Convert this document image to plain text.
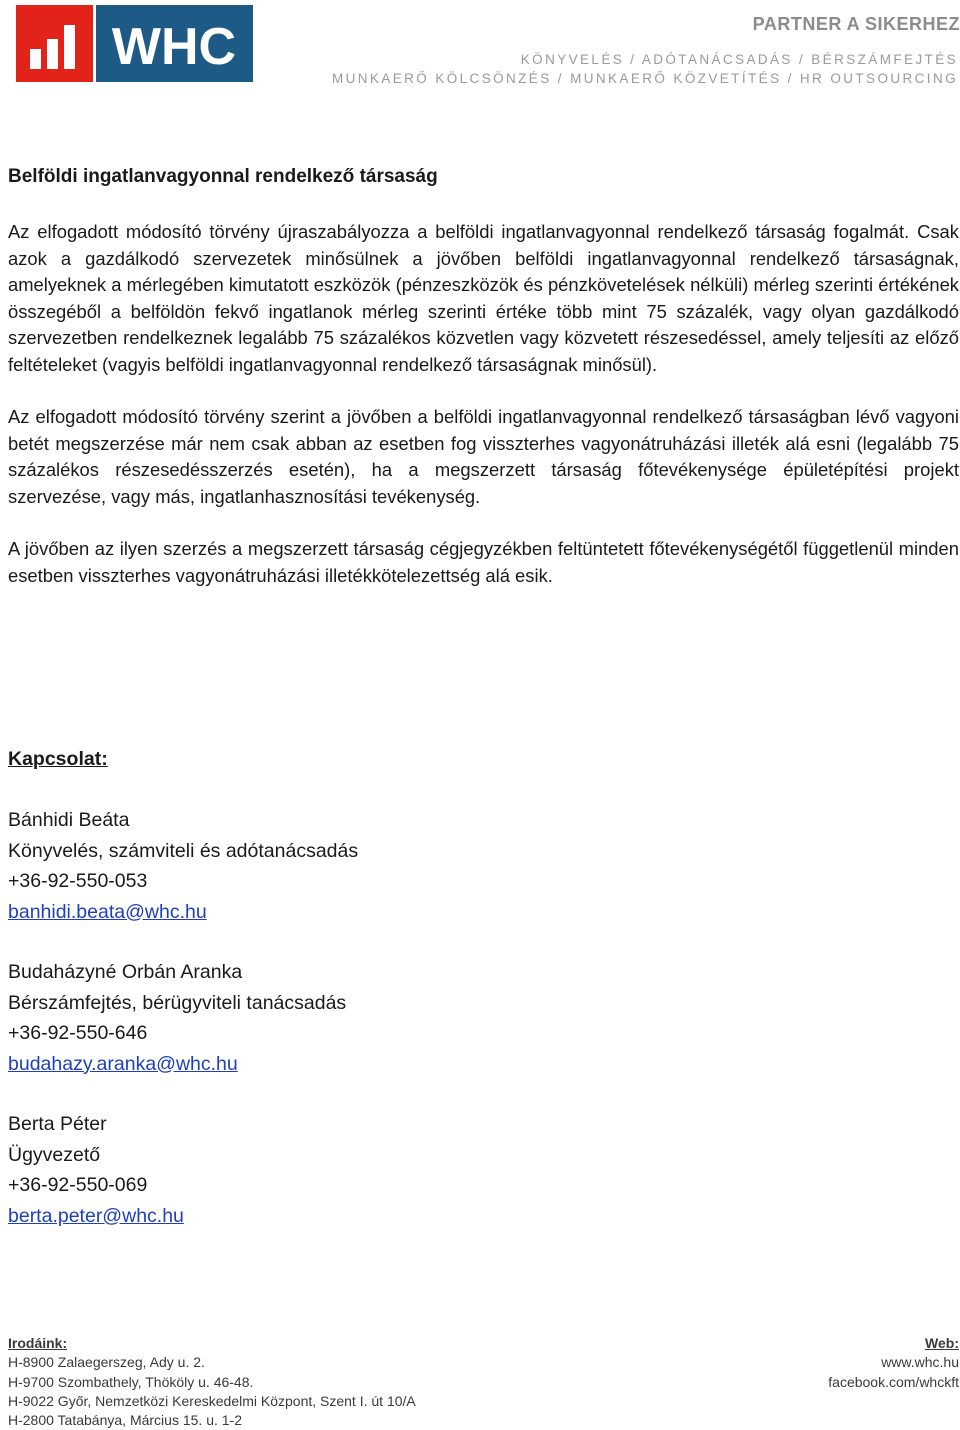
WHC	PARTNER A SIKERHEZ
KÖNYVELÉS / ADÓTANÁCSADÁS / BÉRSZÁMFEJTÉS
MUNKAERŐ KÖLCSÖNZÉS / MUNKAERŐ KÖZVETÍTÉS / HR OUTSOURCING
Belföldi ingatlanvagyonnal rendelkező társaság

Az elfogadott módosító törvény újraszabályozza a belföldi ingatlanvagyonnal rendelkező társaság fogalmát. Csak azok a gazdálkodó szervezetek minősülnek a jövőben belföldi ingatlanvagyonnal rendelkező társaságnak, amelyeknek a mérlegében kimutatott eszközök (pénzeszközök és pénzkövetelések nélküli) mérleg szerinti értékének összegéből a belföldön fekvő ingatlanok mérleg szerinti értéke több mint 75 százalék, vagy olyan gazdálkodó szervezetben rendelkeznek legalább 75 százalékos közvetlen vagy közvetett részesedéssel, amely teljesíti az előző feltételeket (vagyis belföldi ingatlanvagyonnal rendelkező társaságnak minősül).

Az elfogadott módosító törvény szerint a jövőben a belföldi ingatlanvagyonnal rendelkező társaságban lévő vagyoni betét megszerzése már nem csak abban az esetben fog visszterhes vagyonátruházási illeték alá esni (legalább 75 százalékos részesedésszerzés esetén), ha a megszerzett társaság főtevékenysége épületépítési projekt szervezése, vagy más, ingatlanhasznosítási tevékenység.

A jövőben az ilyen szerzés a megszerzett társaság cégjegyzékben feltüntetett főtevékenységétől függetlenül minden esetben visszterhes vagyonátruházási illetékkötelezettség alá esik.

Kapcsolat:
Bánhidi Beáta
Könyvelés, számviteli és adótanácsadás
+36-92-550-053
banhidi.beata@whc.hu
Budaházyné Orbán Aranka
Bérszámfejtés, bérügyviteli tanácsadás
+36-92-550-646
budahazy.aranka@whc.hu
Berta Péter
Ügyvezető
+36-92-550-069
berta.peter@whc.hu
Irodáink:
H-8900 Zalaegerszeg, Ady u. 2.
H-9700 Szombathely, Thököly u. 46-48.
H-9022 Győr, Nemzetközi Kereskedelmi Központ, Szent I. út 10/A
H-2800 Tatabánya, Március 15. u. 1-2
Web:
www.whc.hu
facebook.com/whckft
